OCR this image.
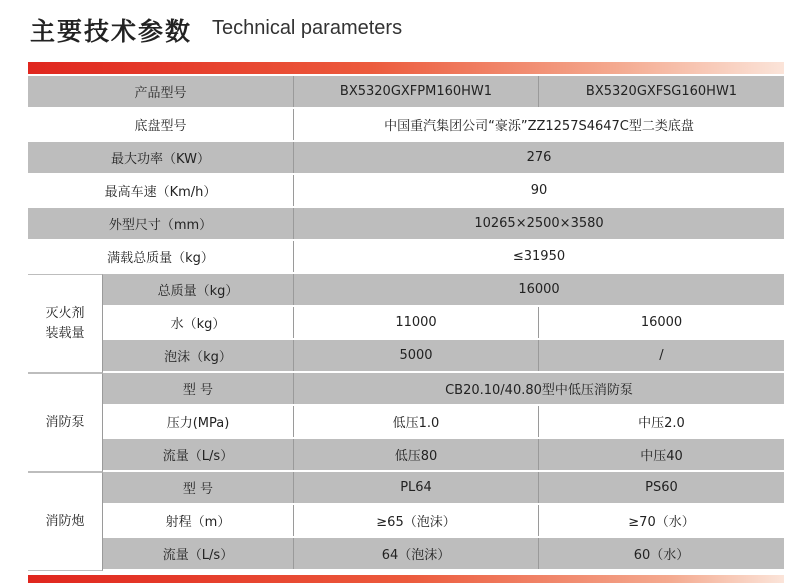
主要技术参数 Technical parameters
产品型号	BX5320GXFPM160HW1	BX5320GXFSG160HW1
底盘型号	中国重汽集团公司“豪泺”ZZ1257S4647C型二类底盘
最大功率（KW）	276
最高车速（Km/h）	90
外型尺寸（mm）	10265×2500×3580
满载总质量（kg）	≤31950
灭火剂
装载量
总质量（kg）	16000
水（kg）	11000	16000
泡沫（kg）	5000	/
消防泵
型 号	CB20.10/40.80型中低压消防泵
压力(MPa)	低压1.0	中压2.0
流量（L/s）	低压80	中压40
消防炮
型 号	PL64	PS60
射程（m）	≥65（泡沫）	≥70（水）
流量（L/s）	64（泡沫）	60（水）
